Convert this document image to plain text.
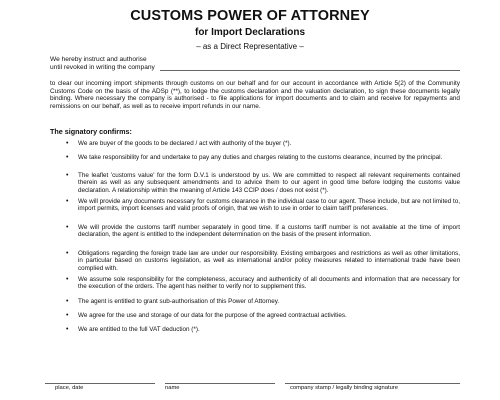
CUSTOMS POWER OF ATTORNEY
for Import Declarations
– as a Direct Representative –
We hereby instruct and authorise
until revoked in writing the company
to clear our incoming import shipments through customs on our behalf and for our account in accordance with Article 5(2) of the Community Customs Code on the basis of the ADSp (**), to lodge the customs declaration and the valuation declaration, to sign these documents legally binding. Where necessary the company is authorised - to file applications for import documents and to claim and receive for repayments and remissions on our behalf, as well as to receive import refunds in our name.
The signatory confirms:
• We are buyer of the goods to be declared / act with authority of the buyer (*).
• We take responsibility for and undertake to pay any duties and charges relating to the customs clearance, incurred by the principal.
• The leaflet 'customs value' for the form D.V.1 is understood by us. We are committed to respect all relevant requirements contained therein as well as any subsequent amendments and to advice them to our agent in good time before lodging the customs value declaration. A relationship within the meaning of Article 143 CCIP does / does not exist (*).
• We will provide any documents necessary for customs clearance in the individual case to our agent. These include, but are not limited to, import permits, import licenses and valid proofs of origin, that we wish to use in order to claim tariff preferences.
• We will provide the customs tariff number separately in good time. If a customs tariff number is not available at the time of import declaration, the agent is entitled to the independent determination on the basis of the present information.
• Obligations regarding the foreign trade law are under our responsibility. Existing embargoes and restrictions as well as other limitations, in particular based on customs legislation, as well as international and/or policy measures related to international trade have been complied with.
• We assume sole responsibility for the completeness, accuracy and authenticity of all documents and information that are necessary for the execution of the orders. The agent has neither to verify nor to supplement this.
• The agent is entitled to grant sub-authorisation of this Power of Attorney.
• We agree for the use and storage of our data for the purpose of the agreed contractual activities.
• We are entitled to the full VAT deduction (*).
place, date	name	company stamp / legally binding signature
